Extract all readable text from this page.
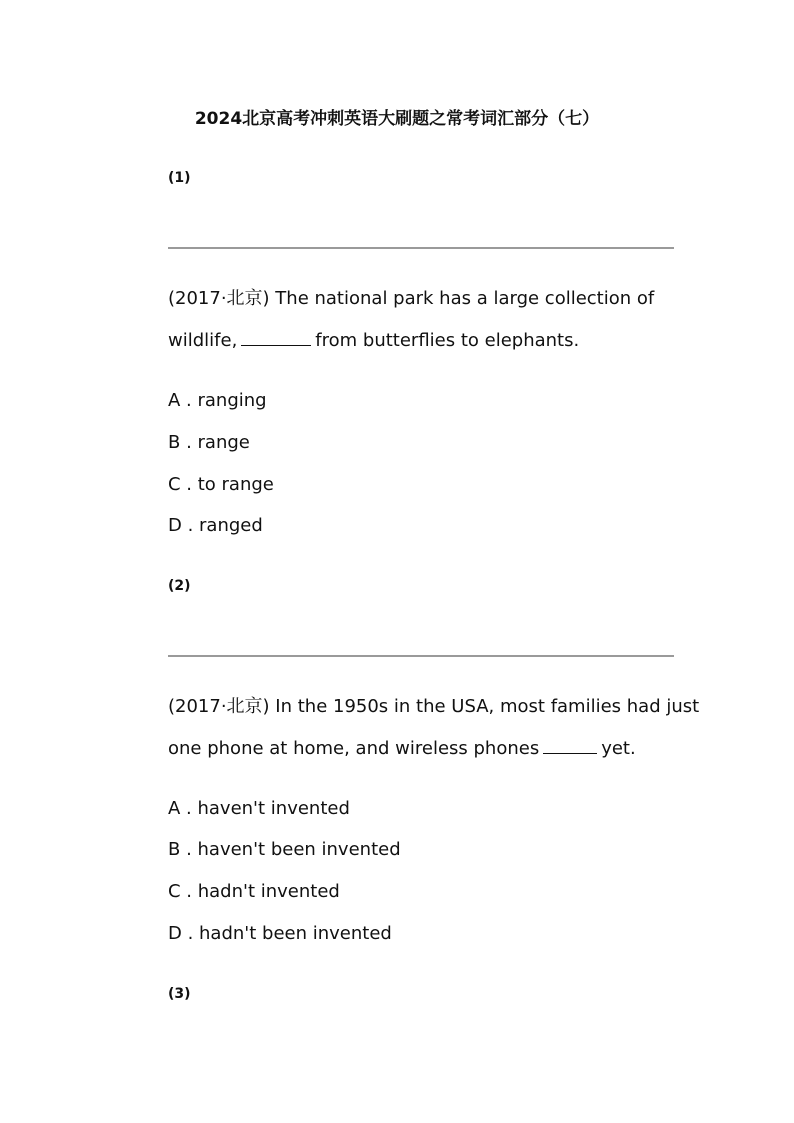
2024北京高考冲刺英语大刷题之常考词汇部分（七）
(1)
(2017·北京) The national park has a large collection of
wildlife,	from butterflies to elephants.
A . ranging
B . range
C . to range
D . ranged
(2)
(2017·北京) In the 1950s in the USA, most families had just
one phone at home, and wireless phones	yet.
A . haven't invented
B . haven't been invented
C . hadn't invented
D . hadn't been invented
(3)
